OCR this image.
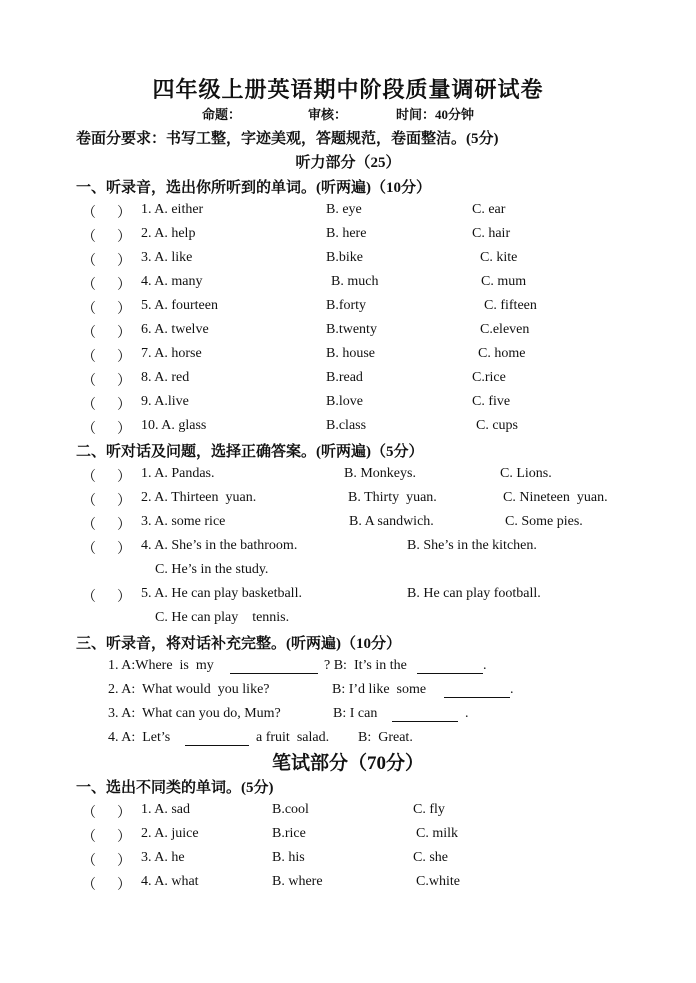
四年级上册英语期中阶段质量调研试卷
命题：	审核：	时间：40分钟
卷面分要求：书写工整，字迹美观，答题规范，卷面整洁。(5分)
听力部分（25）
一、听录音，选出你所听到的单词。(听两遍)（10分）
（      ） 1. A. either	B. eye	C. ear
（      ） 2. A. help	B. here	C. hair
（      ） 3. A. like	B.bike	C. kite
（      ） 4. A. many	B. much	C. mum
（      ） 5. A. fourteen	B.forty	C. fifteen
（      ） 6. A. twelve	B.twenty	C.eleven
（      ） 7. A. horse	B. house	C. home
（      ） 8. A. red	B.read	C.rice
（      ） 9. A.live	B.love	C. five
（      ） 10. A. glass	B.class	C. cups
二、听对话及问题，选择正确答案。(听两遍)（5分）
（      ） 1. A. Pandas.	B. Monkeys.	C. Lions.
（      ） 2. A. Thirteen  yuan.	B. Thirty  yuan.	C. Nineteen  yuan.
（      ） 3. A. some rice	B. A sandwich.	C. Some pies.
（      ） 4. A. She’s in the bathroom.	B. She’s in the kitchen.
C. He’s in the study.
（      ） 5. A. He can play basketball.	B. He can play football.
C. He can play    tennis.
三、听录音，将对话补充完整。(听两遍)（10分）
1. A:Where  is  my	? B:  It’s in the	.
2. A:  What would  you like?	B: I’d like  some	.
3. A:  What can you do, Mum?	B: I can	.
4. A:  Let’s	a fruit  salad. B:  Great.
笔试部分（70分）
一、选出不同类的单词。(5分)
（      ） 1. A. sad	B.cool	C. fly
（      ） 2. A. juice	B.rice	C. milk
（      ） 3. A. he	B. his	C. she
（      ） 4. A. what	B. where	C.white
